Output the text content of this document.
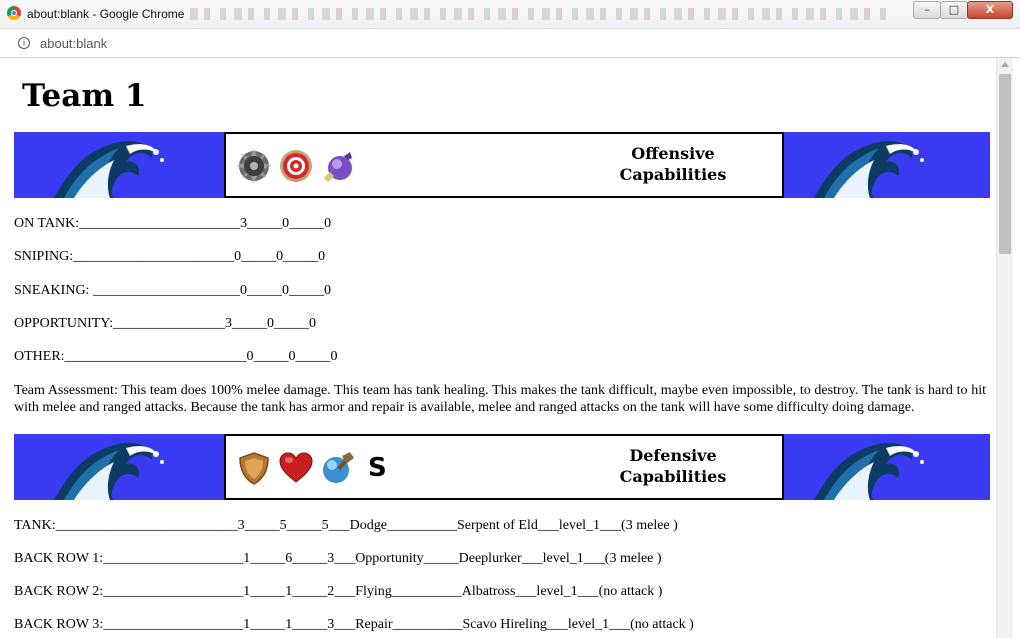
about:blank - Google Chrome	–	□	X
i	about:blank
Team 1
Offensive
Capabilities
ON TANK:_______________________3_____0_____0
SNIPING:_______________________0_____0_____0
SNEAKING: _____________________0_____0_____0
OPPORTUNITY:________________3_____0_____0
OTHER:__________________________0_____0_____0
Team Assessment: This team does 100% melee damage. This team has tank healing. This makes the tank difficult, maybe even impossible, to destroy. The tank is hard to hit with melee and ranged attacks. Because the tank has armor and repair is available, melee and ranged attacks on the tank will have some difficulty doing damage.
S	Defensive
Capabilities
TANK:__________________________3_____5_____5___Dodge__________Serpent of Eld___level_1___(3 melee )
BACK ROW 1:____________________1_____6_____3___Opportunity_____Deeplurker___level_1___(3 melee )
BACK ROW 2:____________________1_____1_____2___Flying__________Albatross___level_1___(no attack )
BACK ROW 3:____________________1_____1_____3___Repair__________Scavo Hireling___level_1___(no attack )
